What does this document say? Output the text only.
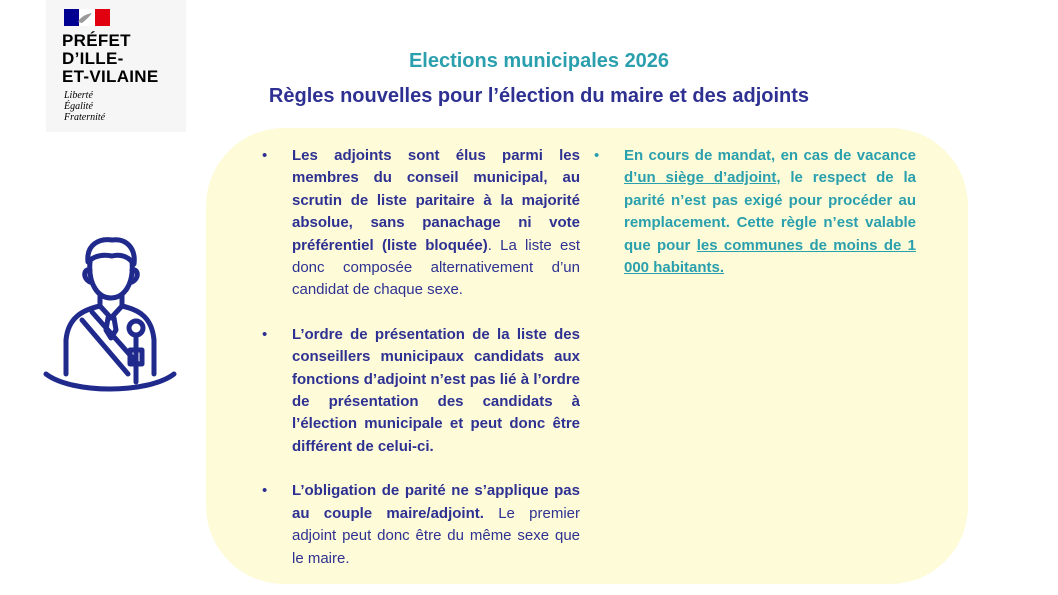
PRÉFET
D’ILLE-
ET-VILAINE
Liberté
Égalité
Fraternité
Elections municipales 2026
Règles nouvelles pour l’élection du maire et des adjoints
• Les adjoints sont élus parmi les membres du conseil municipal, au scrutin de liste paritaire à la majorité absolue, sans panachage ni vote préférentiel (liste bloquée). La liste est donc composée alternativement d’un candidat de chaque sexe.
• L’ordre de présentation de la liste des conseillers municipaux candidats aux fonctions d’adjoint n’est pas lié à l’ordre de présentation des candidats à l’élection municipale et peut donc être différent de celui-ci.
• L’obligation de parité ne s’applique pas au couple maire/adjoint. Le premier adjoint peut donc être du même sexe que le maire.
• En cours de mandat, en cas de vacance d’un siège d’adjoint, le respect de la parité n’est pas exigé pour procéder au remplacement. Cette règle n’est valable que pour les communes de moins de 1 000 habitants.
